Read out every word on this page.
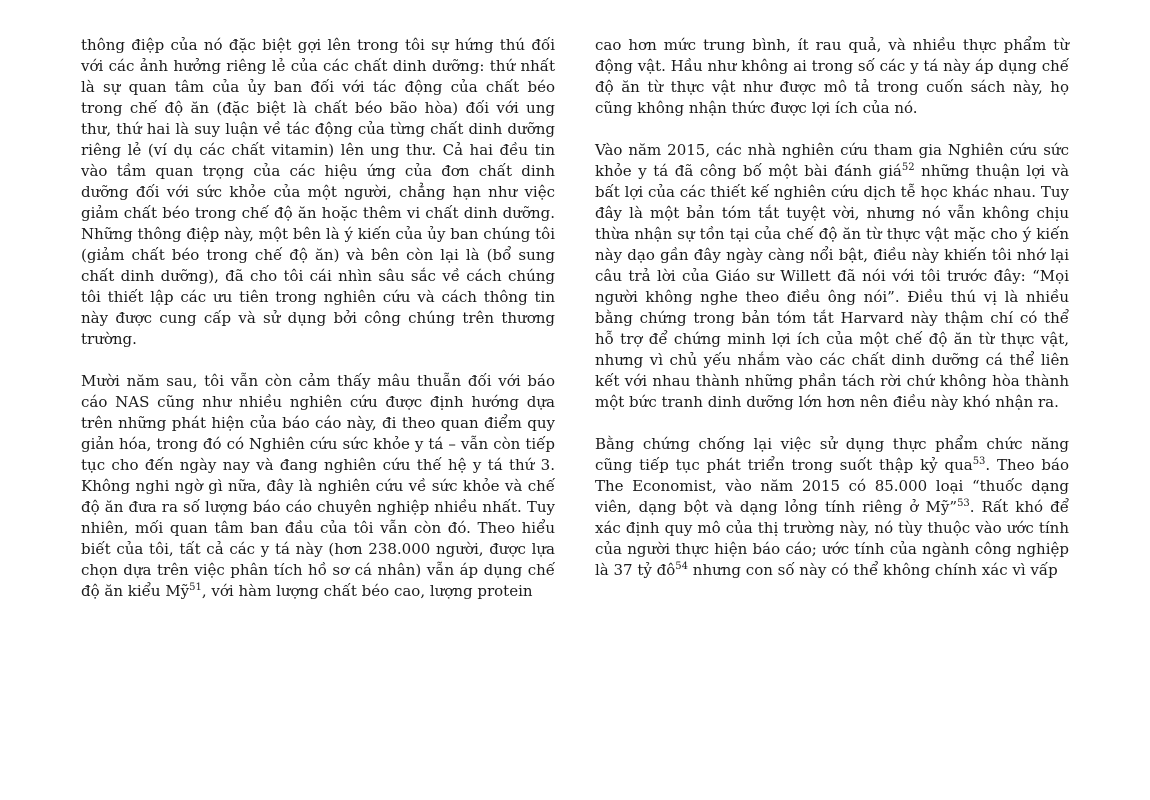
thông điệp của nó đặc biệt gợi lên trong tôi sự hứng thú đối với các ảnh hưởng riêng lẻ của các chất dinh dưỡng: thứ nhất là sự quan tâm của ủy ban đối với tác động của chất béo trong chế độ ăn (đặc biệt là chất béo bão hòa) đối với ung thư, thứ hai là suy luận về tác động của từng chất dinh dưỡng riêng lẻ (ví dụ các chất vitamin) lên ung thư. Cả hai đều tin vào tầm quan trọng của các hiệu ứng của đơn chất dinh dưỡng đối với sức khỏe của một người, chẳng hạn như việc giảm chất béo trong chế độ ăn hoặc thêm vi chất dinh dưỡng. Những thông điệp này, một bên là ý kiến của ủy ban chúng tôi (giảm chất béo trong chế độ ăn) và bên còn lại là (bổ sung chất dinh dưỡng), đã cho tôi cái nhìn sâu sắc về cách chúng tôi thiết lập các ưu tiên trong nghiên cứu và cách thông tin này được cung cấp và sử dụng bởi công chúng trên thương trường.

Mười năm sau, tôi vẫn còn cảm thấy mâu thuẫn đối với báo cáo NAS cũng như nhiều nghiên cứu được định hướng dựa trên những phát hiện của báo cáo này, đi theo quan điểm quy giản hóa, trong đó có Nghiên cứu sức khỏe y tá – vẫn còn tiếp tục cho đến ngày nay và đang nghiên cứu thế hệ y tá thứ 3. Không nghi ngờ gì nữa, đây là nghiên cứu về sức khỏe và chế độ ăn đưa ra số lượng báo cáo chuyên nghiệp nhiều nhất. Tuy nhiên, mối quan tâm ban đầu của tôi vẫn còn đó. Theo hiểu biết của tôi, tất cả các y tá này (hơn 238.000 người, được lựa chọn dựa trên việc phân tích hồ sơ cá nhân) vẫn áp dụng chế độ ăn kiểu Mỹ$^{51}$, với hàm lượng chất béo cao, lượng protein

cao hơn mức trung bình, ít rau quả, và nhiều thực phẩm từ động vật. Hầu như không ai trong số các y tá này áp dụng chế độ ăn từ thực vật như được mô tả trong cuốn sách này, họ cũng không nhận thức được lợi ích của nó.

Vào năm 2015, các nhà nghiên cứu tham gia Nghiên cứu sức khỏe y tá đã công bố một bài đánh giá$^{52}$ những thuận lợi và bất lợi của các thiết kế nghiên cứu dịch tễ học khác nhau. Tuy đây là một bản tóm tắt tuyệt vời, nhưng nó vẫn không chịu thừa nhận sự tồn tại của chế độ ăn từ thực vật mặc cho ý kiến này dạo gần đây ngày càng nổi bật, điều này khiến tôi nhớ lại câu trả lời của Giáo sư Willett đã nói với tôi trước đây: “Mọi người không nghe theo điều ông nói”. Điều thú vị là nhiều bằng chứng trong bản tóm tắt Harvard này thậm chí có thể hỗ trợ để chứng minh lợi ích của một chế độ ăn từ thực vật, nhưng vì chủ yếu nhắm vào các chất dinh dưỡng cá thể liên kết với nhau thành những phần tách rời chứ không hòa thành một bức tranh dinh dưỡng lớn hơn nên điều này khó nhận ra.

Bằng chứng chống lại việc sử dụng thực phẩm chức năng cũng tiếp tục phát triển trong suốt thập kỷ qua$^{53}$. Theo báo The Economist, vào năm 2015 có 85.000 loại “thuốc dạng viên, dạng bột và dạng lỏng tính riêng ở Mỹ”$^{53}$. Rất khó để xác định quy mô của thị trường này, nó tùy thuộc vào ước tính của người thực hiện báo cáo; ước tính của ngành công nghiệp là 37 tỷ $đô^{54}$ nhưng con số này có thể không chính xác vì vấp
